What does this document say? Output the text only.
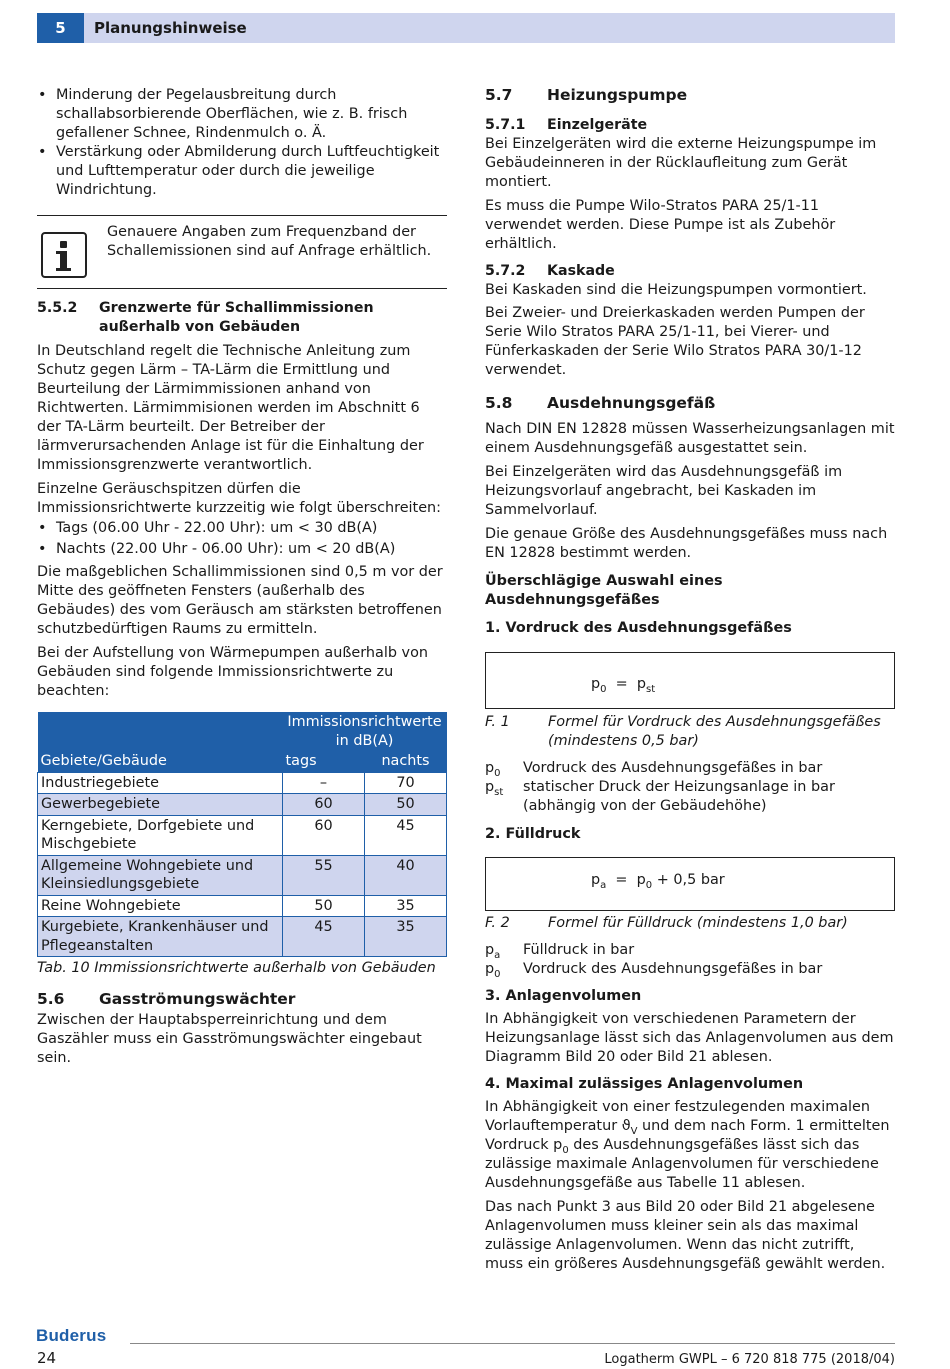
5	Planungshinweise
• Minderung der Pegelausbreitung durch schallabsorbierende Oberflächen, wie z. B. frisch gefallener Schnee, Rindenmulch o. Ä.
• Verstärkung oder Abmilderung durch Luftfeuchtigkeit und Lufttemperatur oder durch die jeweilige Windrichtung.

Genauere Angaben zum Frequenzband der Schallemissionen sind auf Anfrage erhältlich.

5.5.2	Grenzwerte für Schallimmissionen außerhalb von Gebäuden

In Deutschland regelt die Technische Anleitung zum Schutz gegen Lärm – TA-Lärm die Ermittlung und Beurteilung der Lärmimmissionen anhand von Richtwerten. Lärmimmisionen werden im Abschnitt 6 der TA-Lärm beurteilt. Der Betreiber der lärmverursachenden Anlage ist für die Einhaltung der Immissionsgrenzwerte verantwortlich.

Einzelne Geräuschspitzen dürfen die Immissionsrichtwerte kurzzeitig wie folgt überschreiten:

• Tags (06.00 Uhr - 22.00 Uhr): um < 30 dB(A)
• Nachts (22.00 Uhr - 06.00 Uhr): um < 20 dB(A)

Die maßgeblichen Schallimmissionen sind 0,5 m vor der Mitte des geöffneten Fensters (außerhalb des Gebäudes) des vom Geräusch am stärksten betroffenen schutzbedürftigen Raums zu ermitteln.

Bei der Aufstellung von Wärmepumpen außerhalb von Gebäuden sind folgende Immissionsrichtwerte zu beachten:

	Immissionsrichtwerte in dB(A)	
Gebiete/Gebäude	tags	nachts
Industriegebiete	–	70
Gewerbegebiete	60	50
Kerngebiete, Dorfgebiete und Mischgebiete	60	45
Allgemeine Wohngebiete und Kleinsiedlungsgebiete	55	40
Reine Wohngebiete	50	35
Kurgebiete, Krankenhäuser und Pflegeanstalten	45	35

Tab. 10 Immissionsrichtwerte außerhalb von Gebäuden

5.6	Gasströmungswächter

Zwischen der Hauptabsperreinrichtung und dem Gaszähler muss ein Gasströmungswächter eingebaut sein.

5.7	Heizungspumpe
5.7.1	Einzelgeräte

Bei Einzelgeräten wird die externe Heizungspumpe im Gebäudeinneren in der Rücklaufleitung zum Gerät montiert.

Es muss die Pumpe Wilo-Stratos PARA 25/1-11 verwendet werden. Diese Pumpe ist als Zubehör erhältlich.

5.7.2	Kaskade

Bei Kaskaden sind die Heizungspumpen vormontiert.

Bei Zweier- und Dreierkaskaden werden Pumpen der Serie Wilo Stratos PARA 25/1-11, bei Vierer- und Fünferkaskaden der Serie Wilo Stratos PARA 30/1-12 verwendet.

5.8	Ausdehnungsgefäß

Nach DIN EN 12828 müssen Wasserheizungsanlagen mit einem Ausdehnungsgefäß ausgestattet sein.

Bei Einzelgeräten wird das Ausdehnungsgefäß im Heizungsvorlauf angebracht, bei Kaskaden im Sammelvorlauf.

Die genaue Größe des Ausdehnungsgefäßes muss nach EN 12828 bestimmt werden.

Überschlägige Auswahl eines Ausdehnungsgefäßes

1. Vordruck des Ausdehnungsgefäßes

$p_0 = p_{st}$
F. 1	Formel für Vordruck des Ausdehnungsgefäßes (mindestens 0,5 bar)
$p_0$	Vordruck des Ausdehnungsgefäßes in bar
$p_{st}$	statischer Druck der Heizungsanlage in bar (abhängig von der Gebäudehöhe)

2. Fülldruck

$p_a = p_0 + 0,5$ bar
F. 2	Formel für Fülldruck (mindestens 1,0 bar)
$p_a$	Fülldruck in bar
$p_0$	Vordruck des Ausdehnungsgefäßes in bar

3. Anlagenvolumen

In Abhängigkeit von verschiedenen Parametern der Heizungsanlage lässt sich das Anlagenvolumen aus dem Diagramm Bild 20 oder Bild 21 ablesen.

4. Maximal zulässiges Anlagenvolumen

In Abhängigkeit von einer festzulegenden maximalen Vorlauftemperatur $ϑ_V$ und dem nach Form. 1 ermittelten Vordruck $p_0$ des Ausdehnungsgefäßes lässt sich das zulässige maximale Anlagenvolumen für verschiedene Ausdehnungsgefäße aus Tabelle 11 ablesen.

Das nach Punkt 3 aus Bild 20 oder Bild 21 abgelesene Anlagenvolumen muss kleiner sein als das maximal zulässige Anlagenvolumen. Wenn das nicht zutrifft, muss ein größeres Ausdehnungsgefäß gewählt werden.

Buderus
24	Logatherm GWPL – 6 720 818 775 (2018/04)
